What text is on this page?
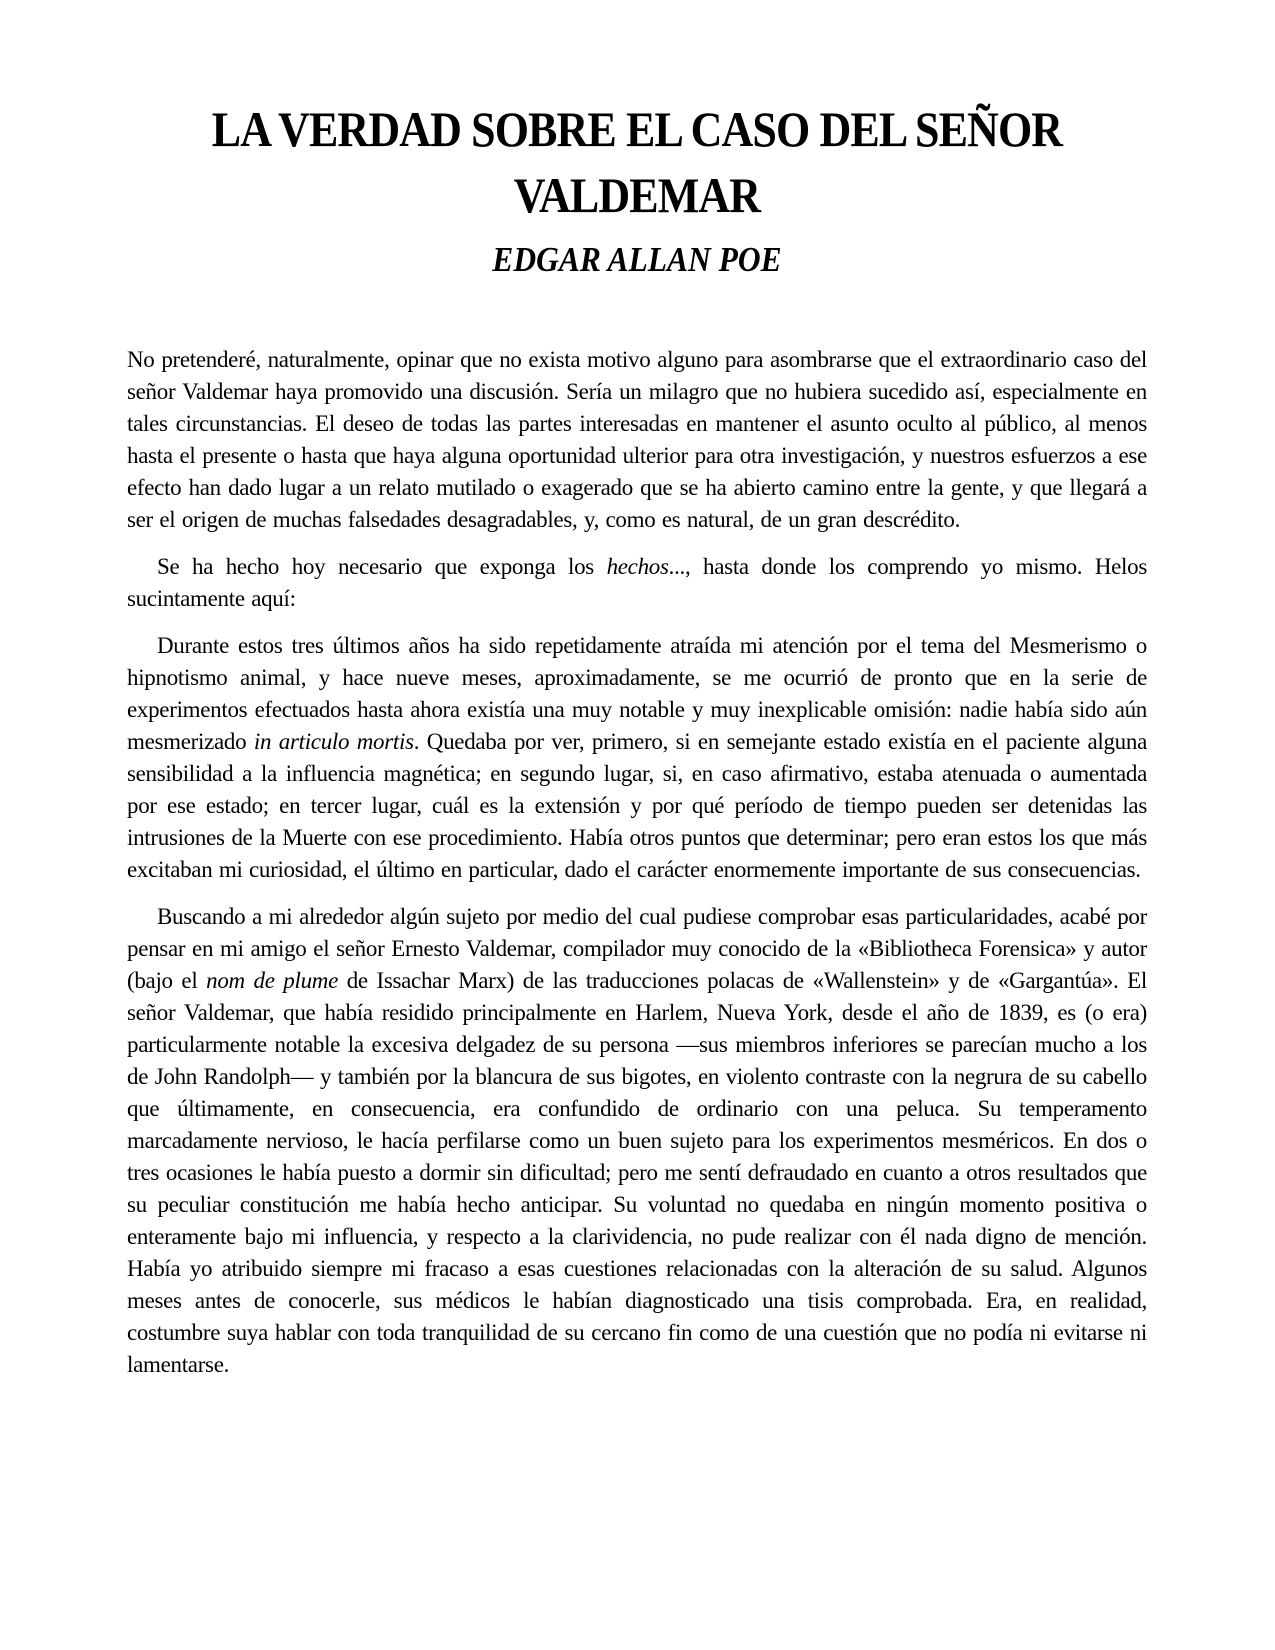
LA VERDAD SOBRE EL CASO DEL SEÑOR
VALDEMAR
EDGAR ALLAN POE

No pretenderé, naturalmente, opinar que no exista motivo alguno para asombrarse que el extraordinario caso del señor Valdemar haya promovido una discusión. Sería un milagro que no hubiera sucedido así, especialmente en tales circunstancias. El deseo de todas las partes interesadas en mantener el asunto oculto al público, al menos hasta el presente o hasta que haya alguna oportunidad ulterior para otra investigación, y nuestros esfuerzos a ese efecto han dado lugar a un relato mutilado o exagerado que se ha abierto camino entre la gente, y que llegará a ser el origen de muchas falsedades desagradables, y, como es natural, de un gran descrédito.

Se ha hecho hoy necesario que exponga los hechos..., hasta donde los comprendo yo mismo. Helos sucintamente aquí:

Durante estos tres últimos años ha sido repetidamente atraída mi atención por el tema del Mesmerismo o hipnotismo animal, y hace nueve meses, aproximadamente, se me ocurrió de pronto que en la serie de experimentos efectuados hasta ahora existía una muy notable y muy inexplicable omisión: nadie había sido aún mesmerizado in articulo mortis. Quedaba por ver, primero, si en semejante estado existía en el paciente alguna sensibilidad a la influencia magnética; en segundo lugar, si, en caso afirmativo, estaba atenuada o aumentada por ese estado; en tercer lugar, cuál es la extensión y por qué período de tiempo pueden ser detenidas las intrusiones de la Muerte con ese procedimiento. Había otros puntos que determinar; pero eran estos los que más excitaban mi curiosidad, el último en particular, dado el carácter enormemente importante de sus consecuencias.

Buscando a mi alrededor algún sujeto por medio del cual pudiese comprobar esas particularidades, acabé por pensar en mi amigo el señor Ernesto Valdemar, compilador muy conocido de la «Bibliotheca Forensica» y autor (bajo el nom de plume de Issachar Marx) de las traducciones polacas de «Wallenstein» y de «Gargantúa». El señor Valdemar, que había residido principalmente en Harlem, Nueva York, desde el año de 1839, es (o era) particularmente notable la excesiva delgadez de su persona —sus miembros inferiores se parecían mucho a los de John Randolph— y también por la blancura de sus bigotes, en violento contraste con la negrura de su cabello que últimamente, en consecuencia, era confundido de ordinario con una peluca. Su temperamento marcadamente nervioso, le hacía perfilarse como un buen sujeto para los experimentos mesméricos. En dos o tres ocasiones le había puesto a dormir sin dificultad; pero me sentí defraudado en cuanto a otros resultados que su peculiar constitución me había hecho anticipar. Su voluntad no quedaba en ningún momento positiva o enteramente bajo mi influencia, y respecto a la clarividencia, no pude realizar con él nada digno de mención. Había yo atribuido siempre mi fracaso a esas cuestiones relacionadas con la alteración de su salud. Algunos meses antes de conocerle, sus médicos le habían diagnosticado una tisis comprobada. Era, en realidad, costumbre suya hablar con toda tranquilidad de su cercano fin como de una cuestión que no podía ni evitarse ni lamentarse.
